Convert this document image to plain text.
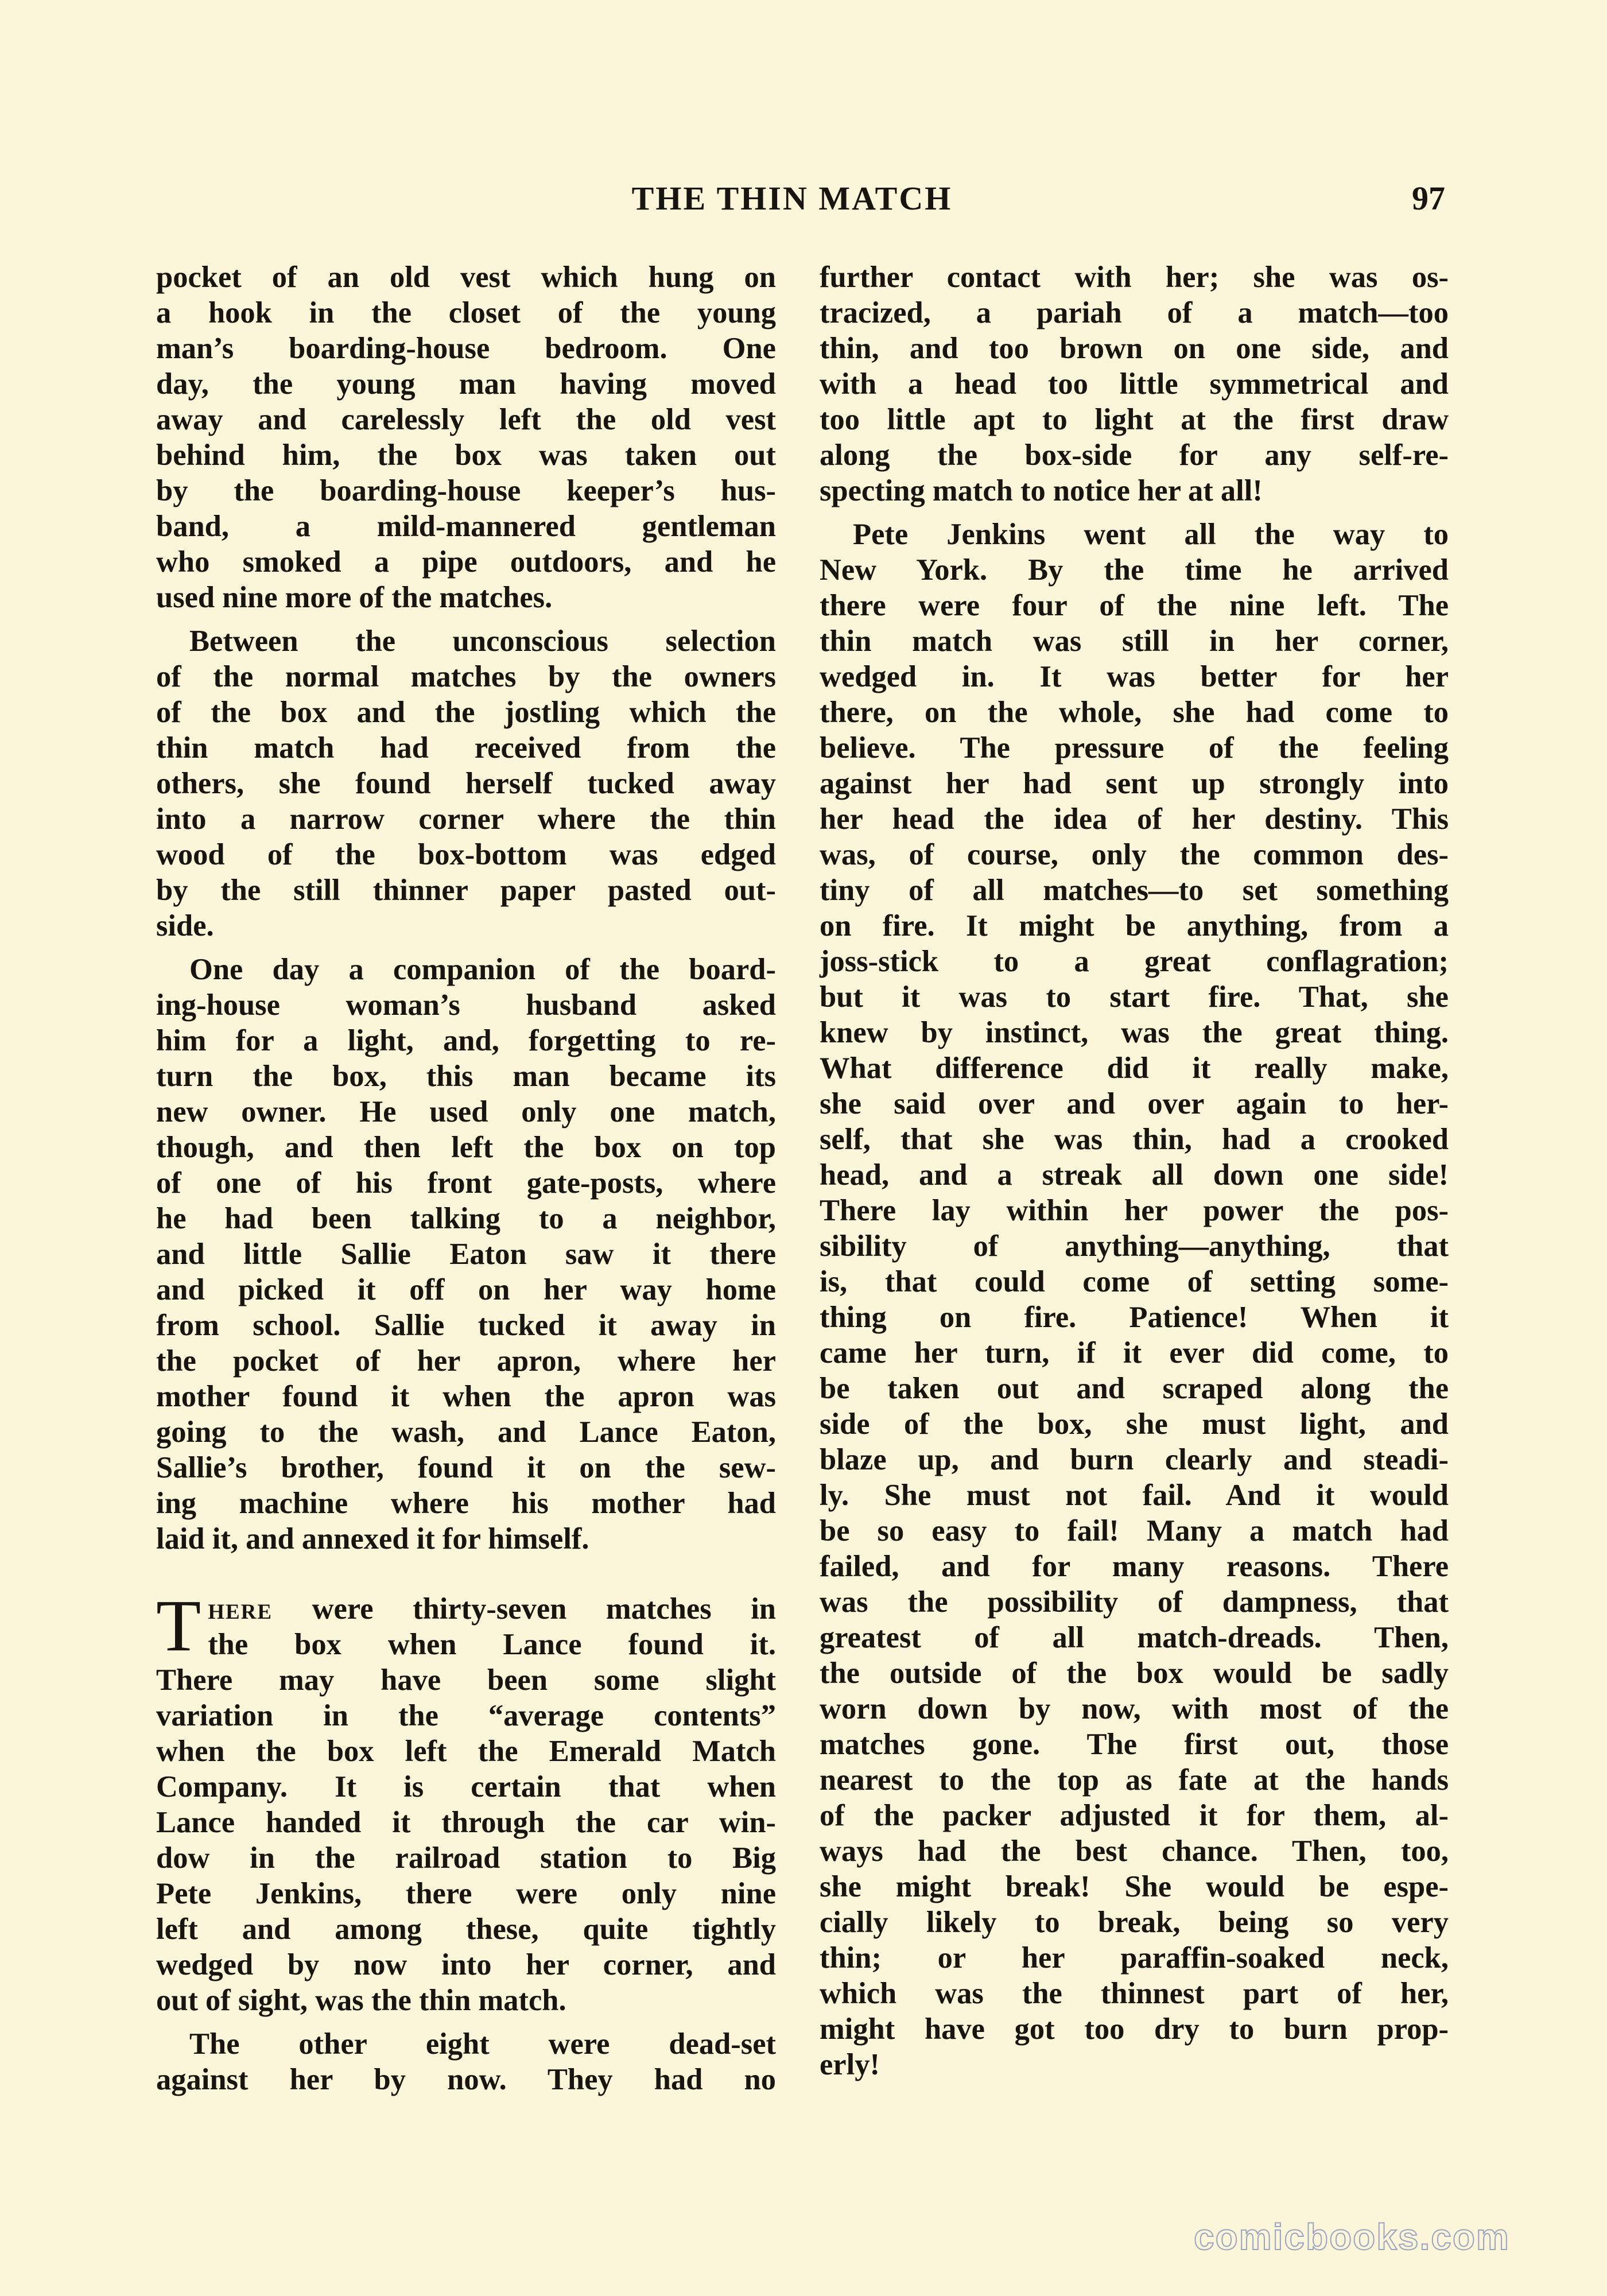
THE THIN MATCH	97
pocket of an old vest which hung on
a hook in the closet of the young
man’s boarding-house bedroom. One
day, the young man having moved
away and carelessly left the old vest
behind him, the box was taken out
by the boarding-house keeper’s hus-
band, a mild-mannered gentleman
who smoked a pipe outdoors, and he
used nine more of the matches.
Between the unconscious selection
of the normal matches by the owners
of the box and the jostling which the
thin match had received from the
others, she found herself tucked away
into a narrow corner where the thin
wood of the box-bottom was edged
by the still thinner paper pasted out-
side.
One day a companion of the board-
ing-house woman’s husband asked
him for a light, and, forgetting to re-
turn the box, this man became its
new owner. He used only one match,
though, and then left the box on top
of one of his front gate-posts, where
he had been talking to a neighbor,
and little Sallie Eaton saw it there
and picked it off on her way home
from school. Sallie tucked it away in
the pocket of her apron, where her
mother found it when the apron was
going to the wash, and Lance Eaton,
Sallie’s brother, found it on the sew-
ing machine where his mother had
laid it, and annexed it for himself.
T here were thirty-seven matches in
the box when Lance found it.
There may have been some slight
variation in the “average contents”
when the box left the Emerald Match
Company. It is certain that when
Lance handed it through the car win-
dow in the railroad station to Big
Pete Jenkins, there were only nine
left and among these, quite tightly
wedged by now into her corner, and
out of sight, was the thin match.
The other eight were dead-set
against her by now. They had no
further contact with her; she was os-
tracized, a pariah of a match—too
thin, and too brown on one side, and
with a head too little symmetrical and
too little apt to light at the first draw
along the box-side for any self-re-
specting match to notice her at all!
Pete Jenkins went all the way to
New York. By the time he arrived
there were four of the nine left. The
thin match was still in her corner,
wedged in. It was better for her
there, on the whole, she had come to
believe. The pressure of the feeling
against her had sent up strongly into
her head the idea of her destiny. This
was, of course, only the common des-
tiny of all matches—to set something
on fire. It might be anything, from a
joss-stick to a great conflagration;
but it was to start fire. That, she
knew by instinct, was the great thing.
What difference did it really make,
she said over and over again to her-
self, that she was thin, had a crooked
head, and a streak all down one side!
There lay within her power the pos-
sibility of anything—anything, that
is, that could come of setting some-
thing on fire. Patience! When it
came her turn, if it ever did come, to
be taken out and scraped along the
side of the box, she must light, and
blaze up, and burn clearly and steadi-
ly. She must not fail. And it would
be so easy to fail! Many a match had
failed, and for many reasons. There
was the possibility of dampness, that
greatest of all match-dreads. Then,
the outside of the box would be sadly
worn down by now, with most of the
matches gone. The first out, those
nearest to the top as fate at the hands
of the packer adjusted it for them, al-
ways had the best chance. Then, too,
she might break! She would be espe-
cially likely to break, being so very
thin; or her paraffin-soaked neck,
which was the thinnest part of her,
might have got too dry to burn prop-
erly!
comicbooks.com
